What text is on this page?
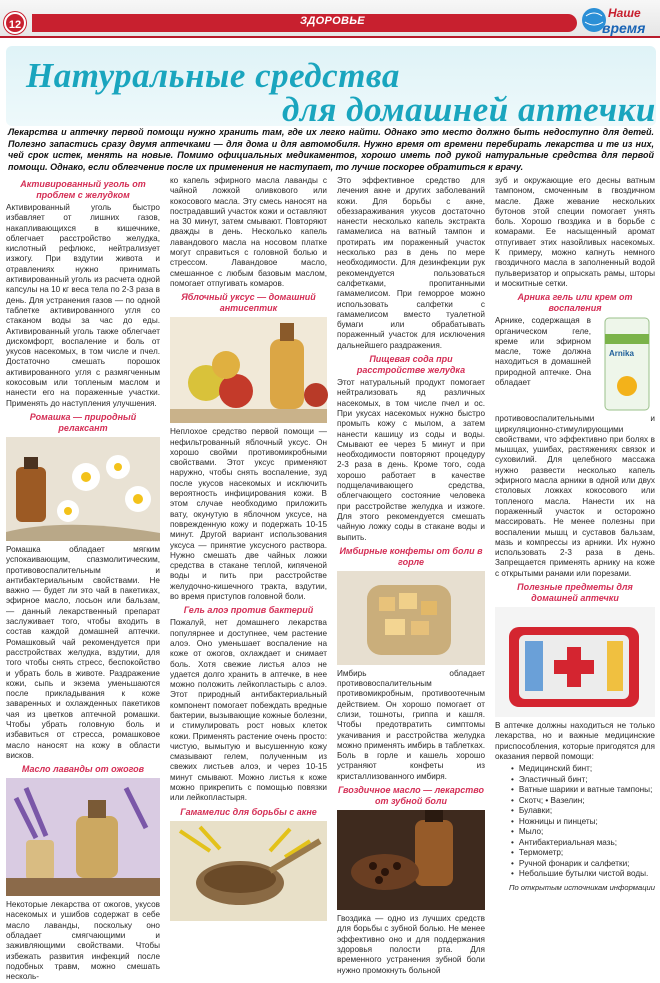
12	ЗДОРОВЬЕ
Наше
время
Натуральные средства
для домашней аптечки

Лекарства и аптечку первой помощи нужно хранить там, где их легко найти. Однако это место должно быть недоступно для детей. Полезно запастись сразу двумя аптечками — для дома и для автомобиля. Нужно время от времени перебирать лекарства и те из них, чей срок истек, менять на новые. Помимо официальных медикаментов, хорошо иметь под рукой натуральные средства для первой помощи. Однако, если облегчение после их применения не наступает, то лучше поскорее обратиться к врачу.

Активированный уголь от проблем с желудком

Активированный уголь быстро избавляет от лишних газов, накапливающихся в кишечнике, облегчает расстройство желудка, кислотный рефлюкс, нейтрализует изжогу. При вздутии живота и отравлениях нужно принимать активированный уголь из расчета одной капсулы на 10 кг веса тела по 2-3 раза в день. Для устранения газов — по одной таблетке активированного угля со стаканом воды за час до еды. Активированный уголь также облегчает дискомфорт, воспаление и боль от укусов насекомых, в том числе и пчел. Достаточно смешать порошок активированного угля с размягченным кокосовым или топленым маслом и нанести его на пораженные участки. Применять до наступления улучшения.

Ромашка — природный релаксант

Ромашка обладает мягким успокаивающим, спазмолитическим, противовоспалительным и антибактериальным свойствами. Не важно — будет ли это чай в пакетиках, эфирное масло, лосьон или бальзам, — данный лекарственный препарат заслуживает того, чтобы входить в состав каждой домашней аптечки. Ромашковый чай рекомендуется при расстройствах желудка, вздутии, для того чтобы снять стресс, беспокойство и убрать боль в животе. Раздражение кожи, сыпь и экзема уменьшаются после прикладывания к коже заваренных и охлажденных пакетиков чая из цветков аптечной ромашки. Чтобы убрать головную боль и избавиться от стресса, ромашковое масло наносят на кожу в области висков.

Масло лаванды от ожогов

Некоторые лекарства от ожогов, укусов насекомых и ушибов содержат в себе масло лаванды, поскольку оно обладает смягчающими и заживляющими свойствами. Чтобы избежать развития инфекций после подобных травм, можно смешать несколь-

ко капель эфирного масла лаванды с чайной ложкой оливкового или кокосового масла. Эту смесь наносят на пострадавший участок кожи и оставляют на 30 минут, затем смывают. Повторяют дважды в день. Несколько капель лавандового масла на носовом платке могут справиться с головной болью и стрессом. Лавандовое масло, смешанное с любым базовым маслом, помогает отпугивать комаров.

Яблочный уксус — домашний антисептик

Неплохое средство первой помощи — нефильтрованный яблочный уксус. Он хорошо свойми противомикробными свойствами. Этот уксус применяют наружно, чтобы снять воспаление, зуд после укусов насекомых и исключить вероятность инфицирования кожи. В этом случае необходимо приложить вату, окунутую в яблочном уксусе, на поврежденную кожу и подержать 10-15 минут. Другой вариант использования уксуса — принятие уксусного раствора. Нужно смешать две чайных ложки средства в стакане теплой, кипяченой воды и пить при расстройстве желудочно-кишечного тракта, вздутии, во время приступов головной боли.

Гель алоэ против бактерий

Пожалуй, нет домашнего лекарства популярнее и доступнее, чем растение алоэ. Оно уменьшает воспаление на коже от ожогов, охлаждает и снимает боль. Хотя свежие листья алоэ не удается долго хранить в аптечке, в нее можно положить лейкопластырь с алоэ. Этот природный антибактериальный компонент помогает побеждать вредные бактерии, вызывающие кожные болезни, и стимулировать рост новых клеток кожи. Применять растение очень просто: чистую, вымытую и высушенную кожу смазывают гелем, полученным из свежих листьев алоэ, и через 10-15 минут смывают. Можно листья к коже можно прикрепить с помощью повязки или лейкопластыря.

Гамамелис для борьбы с акне

Это эффективное средство для лечения акне и других заболеваний кожи. Для борьбы с акне, обеззараживания укусов достаточно нанести несколько капель экстракта гамамелиса на ватный тампон и протирать им пораженный участок несколько раз в день по мере необходимости. Для дезинфекции рук рекомендуется пользоваться салфетками, пропитанными гамамелисом. При геморрое можно использовать салфетки с гамамелисом вместо туалетной бумаги или обрабатывать пораженный участок для исключения дальнейшего раздражения.

Пищевая сода при расстройстве желудка

Этот натуральный продукт помогает нейтрализовать яд различных насекомых, в том числе пчел и ос. При укусах насекомых нужно быстро промыть кожу с мылом, а затем нанести кашицу из соды и воды. Смывают ее через 5 минут и при необходимости повторяют процедуру 2-3 раза в день. Кроме того, сода хорошо работает в качестве подщелачивающего средства, облегчающего состояние человека при расстройстве желудка и изжоге. Для этого рекомендуется смешать чайную ложку соды в стакане воды и выпить.

Имбирные конфеты от боли в горле

Имбирь обладает противовоспалительным противомикробным, противоотечным действием. Он хорошо помогает от слизи, тошноты, гриппа и кашля. Чтобы предотвратить симптомы укачивания и расстройства желудка можно применять имбирь в таблетках. Боль в горле и кашель хорошо устраняют конфеты из кристаллизованного имбиря.

Гвоздичное масло — лекарство от зубной боли

Гвоздика — одно из лучших средств для борьбы с зубной болью. Не менее эффективно оно и для поддержания здоровья полости рта. Для временного устранения зубной боли нужно промокнуть больной

зуб и окружающие его десны ватным тампоном, смоченным в гвоздичном масле. Даже жевание нескольких бутонов этой специи помогает унять боль. Хорошо гвоздика и в борьбе с комарами. Ее насыщенный аромат отпугивает этих назойливых насекомых. К примеру, можно капнуть немного гвоздичного масла в заполненный водой пульверизатор и опрыскать рамы, шторы и москитные сетки.

Арника гель или крем от воспаления
Arnika

Арнике, содержащая в органическом геле, креме или эфирном масле, тоже должна находиться в домашней природной аптечке. Она обладает противовоспалительными и циркуляционно-стимулирующими свойствами, что эффективно при болях в мышцах, ушибах, растяжениях связок и суховилий. Для целебного массажа нужно развести несколько капель эфирного масла арники в одной или двух столовых ложках кокосового или топленого масла. Нанести их на пораженный участок и осторожно массировать. Не менее полезны при воспалении мышц и суставов бальзам, мазь и компрессы из арники. Их нужно использовать 2-3 раза в день. Запрещается применять арнику на коже с открытыми ранами или порезами.

Полезные предметы для домашней аптечки

В аптечке должны находиться не только лекарства, но и важные медицинские приспособления, которые пригодятся для оказания первой помощи:

• Медицинский бинт;
• Эластичный бинт;
• Ватные шарики и ватные тампоны;
• Скотч; • Вазелин;
• Булавки;
• Ножницы и пинцеты;
• Мыло;
• Антибактериальная мазь;
• Термометр;
• Ручной фонарик и салфетки;
• Небольшие бутылки чистой воды.

По открытым источникам информации
